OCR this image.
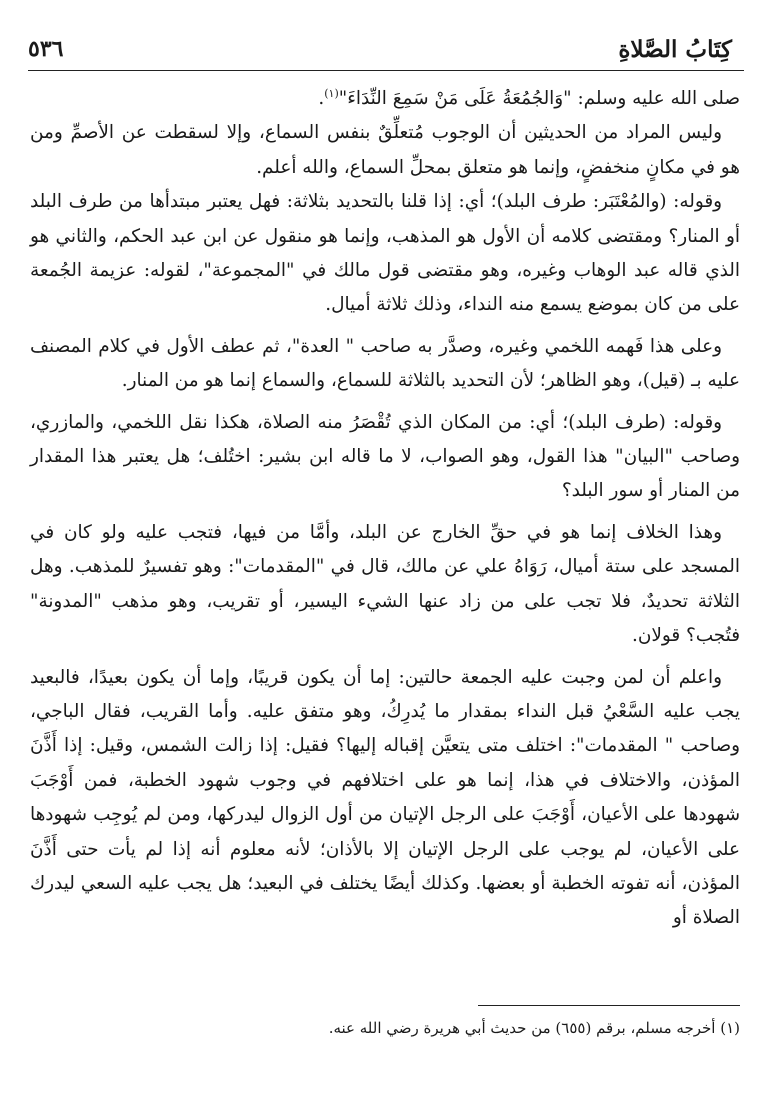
كِتَابُ الصَّلاةِ
٥٣٦

صلى الله عليه وسلم: "وَالجُمُعَةُ عَلَى مَنْ سَمِعَ النِّدَاءَ"$^{(١)}$.

وليس المراد من الحديثين أن الوجوب مُتعلِّقٌ بنفس السماع، وإلا لسقطت عن الأصمِّ ومن هو في مكانٍ منخفضٍ، وإنما هو متعلق بمحلِّ السماع، والله أعلم.

وقوله: (والمُعْتَبَر: طرف البلد)؛ أي: إذا قلنا بالتحديد بثلاثة: فهل يعتبر مبتدأها من طرف البلد أو المنار؟ ومقتضى كلامه أن الأول هو المذهب، وإنما هو منقول عن ابن عبد الحكم، والثاني هو الذي قاله عبد الوهاب وغيره، وهو مقتضى قول مالك في "المجموعة"، لقوله: عزيمة الجُمعة على من كان بموضع يسمع منه النداء، وذلك ثلاثة أميال.

وعلى هذا فَهمه اللخمي وغيره، وصدَّر به صاحب " العدة"، ثم عطف الأول في كلام المصنف عليه بـ (قيل)، وهو الظاهر؛ لأن التحديد بالثلاثة للسماع، والسماع إنما هو من المنار.

وقوله: (طرف البلد)؛ أي: من المكان الذي تُقْصَرُ منه الصلاة، هكذا نقل اللخمي، والمازري، وصاحب "البيان" هذا القول، وهو الصواب، لا ما قاله ابن بشير: اختُلف؛ هل يعتبر هذا المقدار من المنار أو سور البلد؟

وهذا الخلاف إنما هو في حقِّ الخارج عن البلد، وأمَّا من فيها، فتجب عليه ولو كان في المسجد على ستة أميال، رَوَاهُ علي عن مالك، قال في "المقدمات": وهو تفسيرٌ للمذهب. وهل الثلاثة تحديدٌ، فلا تجب على من زاد عنها الشيء اليسير، أو تقريب، وهو مذهب "المدونة" فتُجب؟ قولان.

واعلم أن لمن وجبت عليه الجمعة حالتين: إما أن يكون قريبًا، وإما أن يكون بعيدًا، فالبعيد يجب عليه السَّعْيُ قبل النداء بمقدار ما يُدرِكُ، وهو متفق عليه. وأما القريب، فقال الباجي، وصاحب " المقدمات": اختلف متى يتعيَّن إقباله إليها؟ فقيل: إذا زالت الشمس، وقيل: إذا أَذَّنَ المؤذن، والاختلاف في هذا، إنما هو على اختلافهم في وجوب شهود الخطبة، فمن أَوْجَبَ شهودها على الأعيان، أَوْجَبَ على الرجل الإتيان من أول الزوال ليدركها، ومن لم يُوجِب شهودها على الأعيان، لم يوجب على الرجل الإتيان إلا بالأذان؛ لأنه معلوم أنه إذا لم يأت حتى أَذَّنَ المؤذن، أنه تفوته الخطبة أو بعضها. وكذلك أيضًا يختلف في البعيد؛ هل يجب عليه السعي ليدرك الصلاة أو

(١) أخرجه مسلم، برقم (٦٥٥) من حديث أبي هريرة رضي الله عنه.
